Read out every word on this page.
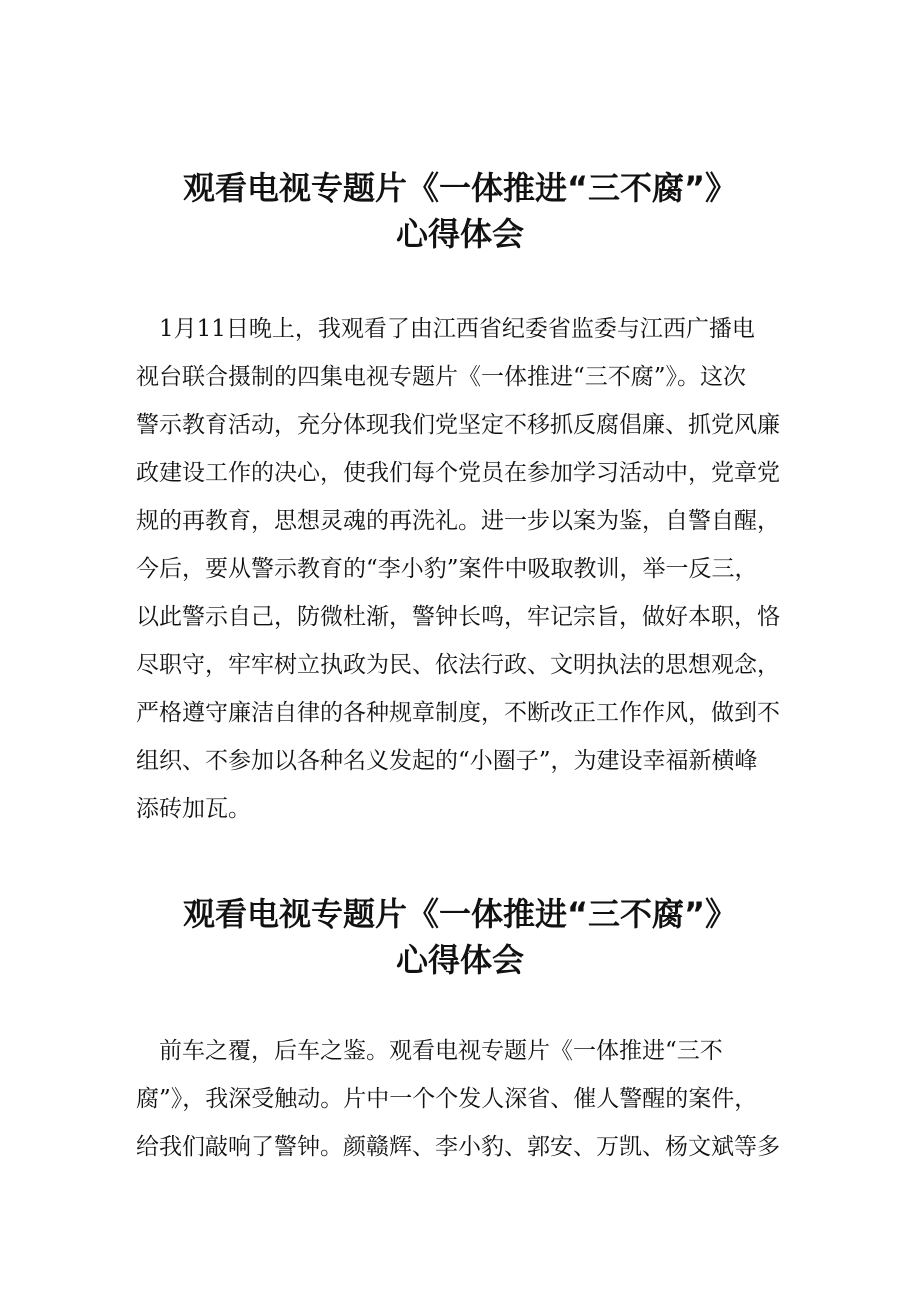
观看电视专题片《一体推进“三不腐”》
心得体会
　1月11日晚上，我观看了由江西省纪委省监委与江西广播电
视台联合摄制的四集电视专题片《一体推进“三不腐”》。这次
警示教育活动，充分体现我们党坚定不移抓反腐倡廉、抓党风廉
政建设工作的决心，使我们每个党员在参加学习活动中，党章党
规的再教育，思想灵魂的再洗礼。进一步以案为鉴，自警自醒，
今后，要从警示教育的“李小豹”案件中吸取教训，举一反三，
以此警示自己，防微杜渐，警钟长鸣，牢记宗旨，做好本职，恪
尽职守，牢牢树立执政为民、依法行政、文明执法的思想观念，
严格遵守廉洁自律的各种规章制度，不断改正工作作风，做到不
组织、不参加以各种名义发起的“小圈子”，为建设幸福新横峰
添砖加瓦。
观看电视专题片《一体推进“三不腐”》
心得体会
　前车之覆，后车之鉴。观看电视专题片《一体推进“三不
腐”》，我深受触动。片中一个个发人深省、催人警醒的案件，
给我们敲响了警钟。颜赣辉、李小豹、郭安、万凯、杨文斌等多
